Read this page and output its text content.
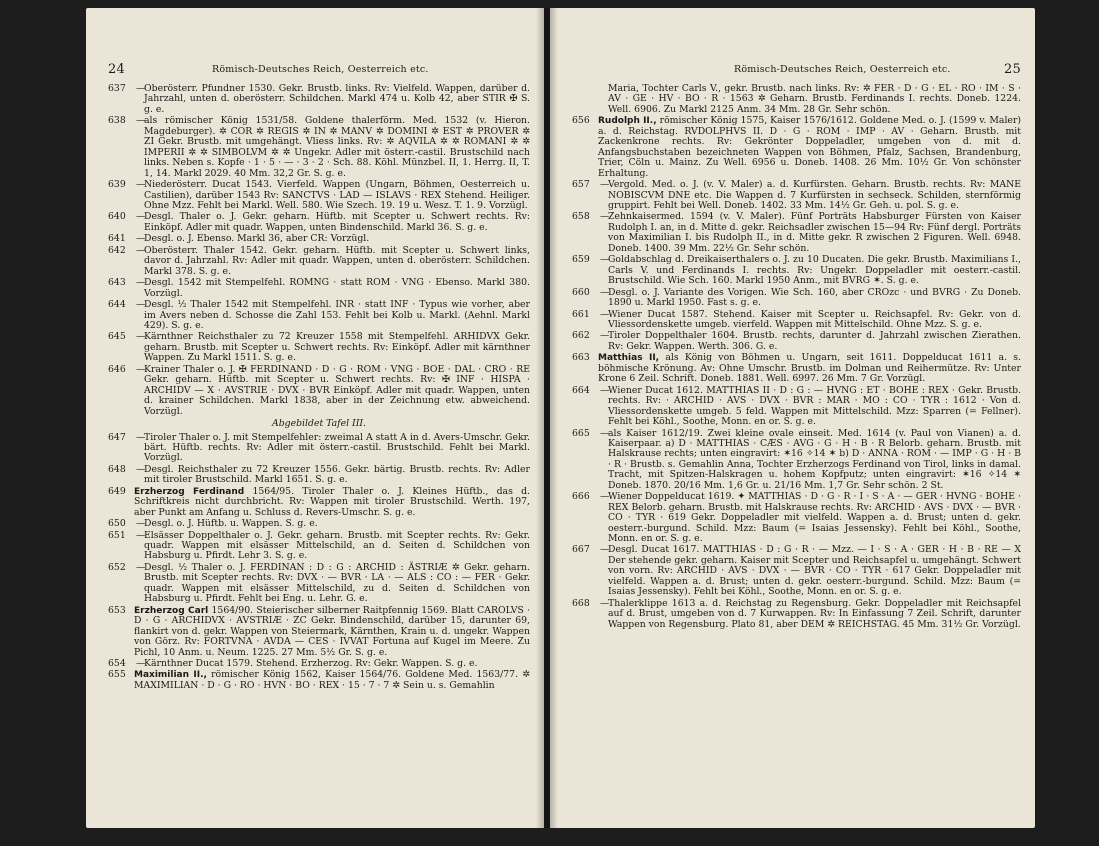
24	Römisch-Deutsches Reich, Oesterreich etc.
637	—
Oberösterr. Pfundner 1530. Gekr. Brustb. links. Rv: Vielfeld. Wappen, darüber d. Jahrzahl, unten d. oberösterr. Schildchen. Markl 474 u. Kolb 42, aber STIR ✠ S. g. e.
638	—
als römischer König 1531/58. Goldene thalerförm. Med. 1532 (v. Hieron. Magdeburger). ✲ COR ✲ REGIS ✲ IN ✲ MANV ✲ DOMINI ✲ EST ✲ PROVER ✲ ZI Gekr. Brustb. mit umgehängt. Vliess links. Rv: ✲ AQVILA ✲ ✲ ROMANI ✲ ✲ IMPERII ✲ ✲ SIMBOLVM ✲ ✲ Ungekr. Adler mit österr.-castil. Brustschild nach links. Neben s. Kopfe · 1 · 5 · — · 3 · 2 · Sch. 88. Köhl. Münzbel. II, 1. Herrg. II, T. 1, 14. Markl 2029. 40 Mm. 32,2 Gr. S. g. e.
639	—
Niederösterr. Ducat 1543. Vierfeld. Wappen (Ungarn, Böhmen, Oesterreich u. Castilien), darüber 1543 Rv: SANCTVS · LAD — ISLAVS · REX Stehend. Heiliger. Ohne Mzz. Fehlt bei Markl. Well. 580. Wie Szech. 19. 19 u. Wesz. T. 1. 9. Vorzügl.
640	—
Desgl. Thaler o. J. Gekr. geharn. Hüftb. mit Scepter u. Schwert rechts. Rv: Einköpf. Adler mit quadr. Wappen, unten Bindenschild. Markl 36. S. g. e.
641	—
Desgl. o. J. Ebenso. Markl 36, aber CR: Vorzügl.
642	—
Oberösterr. Thaler 1542. Gekr. geharn. Hüftb. mit Scepter u. Schwert links, davor d. Jahrzahl. Rv: Adler mit quadr. Wappen, unten d. oberösterr. Schildchen. Markl 378. S. g. e.
643	—
Desgl. 1542 mit Stempelfehl. ROMNG · statt ROM · VNG · Ebenso. Markl 380. Vorzügl.
644	—
Desgl. ½ Thaler 1542 mit Stempelfehl. INR · statt INF · Typus wie vorher, aber im Avers neben d. Schosse die Zahl 153. Fehlt bei Kolb u. Markl. (Aehnl. Markl 429). S. g. e.
645	—
Kärnthner Reichsthaler zu 72 Kreuzer 1558 mit Stempelfehl. ARHIDVX Gekr. geharn. Brustb. mit Scepter u. Schwert rechts. Rv: Einköpf. Adler mit kärnthner Wappen. Zu Markl 1511. S. g. e.
646	—
Krainer Thaler o. J. ✠ FERDINAND · D · G · ROM · VNG · BOE · DAL · CRO · RE Gekr. geharn. Hüftb. mit Scepter u. Schwert rechts. Rv: ✠ INF · HISPA · ARCHIDV — X · AVSTRIE · DVX · BVR Einköpf. Adler mit quadr. Wappen, unten d. krainer Schildchen. Markl 1838, aber in der Zeichnung etw. abweichend. Vorzügl.
Abgebildet Tafel III.
647	—
Tiroler Thaler o. J. mit Stempelfehler: zweimal A statt A in d. Avers-Umschr. Gekr. bärt. Hüftb. rechts. Rv: Adler mit österr.-castil. Brustschild. Fehlt bei Markl. Vorzügl.
648	—
Desgl. Reichsthaler zu 72 Kreuzer 1556. Gekr. bärtig. Brustb. rechts. Rv: Adler mit tiroler Brustschild. Markl 1651. S. g. e.
649 Erzherzog Ferdinand 1564/95. Tiroler Thaler o. J. Kleines Hüftb., das d. Schriftkreis nicht durchbricht. Rv: Wappen mit tiroler Brustschild. Werth. 197, aber Punkt am Anfang u. Schluss d. Revers-Umschr. S. g. e.
650	—
Desgl. o. J. Hüftb. u. Wappen. S. g. e.
651	—
Elsässer Doppelthaler o. J. Gekr. geharn. Brustb. mit Scepter rechts. Rv: Gekr. quadr. Wappen mit elsässer Mittelschild, an d. Seiten d. Schildchen von Habsburg u. Pfirdt. Lehr 3. S. g. e.
652	—
Desgl. ½ Thaler o. J. FERDINAN : D : G : ARCHID : ÄSTRIÆ ✲ Gekr. geharn. Brustb. mit Scepter rechts. Rv: DVX · — BVR · LA · — ALS : CO : — FER · Gekr. quadr. Wappen mit elsässer Mittelschild, zu d. Seiten d. Schildchen von Habsburg u. Pfirdt. Fehlt bei Eng. u. Lehr. G. e.
653 Erzherzog Carl 1564/90. Steierischer silberner Raitpfennig 1569. Blatt CAROLVS · D · G · ARCHIDVX · AVSTRIÆ · ZC Gekr. Bindenschild, darüber 15, darunter 69, flankirt von d. gekr. Wappen von Steiermark, Kärnthen, Krain u. d. ungekr. Wappen von Görz. Rv: FORTVNA · AVDA — CES · IVVAT Fortuna auf Kugel im Meere. Zu Pichl, 10 Anm. u. Neum. 1225. 27 Mm. 5½ Gr. S. g. e.
654	—
Kärnthner Ducat 1579. Stehend. Erzherzog. Rv: Gekr. Wappen. S. g. e.
655 Maximilian II., römischer König 1562, Kaiser 1564/76. Goldene Med. 1563/77. ✲ MAXIMILIAN · D · G · RO · HVN · BO · REX · 15 · 7 · 7 ✲ Sein u. s. Gemahlin
Römisch-Deutsches Reich, Oesterreich etc.	25
Maria, Tochter Carls V., gekr. Brustb. nach links. Rv: ✲ FER · D · G · EL · RO · IM · S · AV · GE · HV · BO · R · 1563 ✲ Geharn. Brustb. Ferdinands I. rechts. Doneb. 1224. Well. 6906. Zu Markl 2125 Anm. 34 Mm. 28 Gr. Sehr schön.
656 Rudolph II., römischer König 1575, Kaiser 1576/1612. Goldene Med. o. J. (1599 v. Maler) a. d. Reichstag. RVDOLPHVS II. D · G · ROM · IMP · AV · Geharn. Brustb. mit Zackenkrone rechts. Rv: Gekrönter Doppeladler, umgeben von d. mit d. Anfangsbuchstaben bezeichneten Wappen von Böhmen, Pfalz, Sachsen, Brandenburg, Trier, Cöln u. Mainz. Zu Well. 6956 u. Doneb. 1408. 26 Mm. 10½ Gr. Von schönster Erhaltung.
657	—
Vergold. Med. o. J. (v. V. Maler) a. d. Kurfürsten. Geharn. Brustb. rechts. Rv: MANE NOBISCVM DNE etc. Die Wappen d. 7 Kurfürsten in sechseck. Schilden, sternförmig gruppirt. Fehlt bei Well. Doneb. 1402. 33 Mm. 14½ Gr. Geh. u. pol. S. g. e.
658	—
Zehnkaisermed. 1594 (v. V. Maler). Fünf Porträts Habsburger Fürsten von Kaiser Rudolph I. an, in d. Mitte d. gekr. Reichsadler zwischen 15—94 Rv: Fünf dergl. Porträts von Maximilian I. bis Rudolph II., in d. Mitte gekr. R zwischen 2 Figuren. Well. 6948. Doneb. 1400. 39 Mm. 22½ Gr. Sehr schön.
659	—
Goldabschlag d. Dreikaiserthalers o. J. zu 10 Ducaten. Die gekr. Brustb. Maximilians I., Carls V. und Ferdinands I. rechts. Rv: Ungekr. Doppeladler mit oesterr.-castil. Brustschild. Wie Sch. 160. Markl 1950 Anm., mit BVRG ✶. S. g. e.
660	—
Desgl. o. J. Variante des Vorigen. Wie Sch. 160, aber CROzc · und BVRG · Zu Doneb. 1890 u. Markl 1950. Fast s. g. e.
661	—
Wiener Ducat 1587. Stehend. Kaiser mit Scepter u. Reichsapfel. Rv: Gekr. von d. Vliessordenskette umgeb. vierfeld. Wappen mit Mittelschild. Ohne Mzz. S. g. e.
662	—
Tiroler Doppelthaler 1604. Brustb. rechts, darunter d. Jahrzahl zwischen Zierathen. Rv: Gekr. Wappen. Werth. 306. G. e.
663 Matthias II, als König von Böhmen u. Ungarn, seit 1611. Doppelducat 1611 a. s. böhmische Krönung. Av: Ohne Umschr. Brustb. im Dolman und Reihermütze. Rv: Unter Krone 6 Zeil. Schrift. Doneb. 1881. Well. 6997. 26 Mm. 7 Gr. Vorzügl.
664	—
Wiener Ducat 1612. MATTHIAS II · D : G : — HVNG : ET · BOHE : REX · Gekr. Brustb. rechts. Rv: · ARCHID · AVS · DVX · BVR : MAR · MO : CO · TYR : 1612 · Von d. Vliessordenskette umgeb. 5 feld. Wappen mit Mittelschild. Mzz: Sparren (= Fellner). Fehlt bei Köhl., Soothe, Monn. en or. S. g. e.
665	—
als Kaiser 1612/19. Zwei kleine ovale einseit. Med. 1614 (v. Paul von Vianen) a. d. Kaiserpaar. a) D · MATTHIAS · CÆS · AVG · G · H · B · R Belorb. geharn. Brustb. mit Halskrause rechts; unten eingravirt: ✶16 ✧14 ✶ b) D · ANNA · ROM · — IMP · G · H · B · R · Brustb. s. Gemahlin Anna, Tochter Erzherzogs Ferdinand von Tirol, links in damal. Tracht, mit Spitzen-Halskragen u. hohem Kopfputz; unten eingravirt: ✶16 ✧14 ✶ Doneb. 1870. 20/16 Mm. 1,6 Gr. u. 21/16 Mm. 1,7 Gr. Sehr schön. 2 St.
666	—
Wiener Doppelducat 1619. ✦ MATTHIAS · D · G · R · I · S · A · — GER · HVNG · BOHE · REX Belorb. geharn. Brustb. mit Halskrause rechts. Rv: ARCHID · AVS · DVX · — BVR · CO · TYR · 619 Gekr. Doppeladler mit vielfeld. Wappen a. d. Brust; unten d. gekr. oesterr.-burgund. Schild. Mzz: Baum (= Isaias Jessensky). Fehlt bei Köhl., Soothe, Monn. en or. S. g. e.
667	—
Desgl. Ducat 1617. MATTHIAS · D : G · R · — Mzz. — I · S · A · GER · H · B · RE — X Der stehende gekr. geharn. Kaiser mit Scepter und Reichsapfel u. umgehängt. Schwert von vorn. Rv: ARCHID · AVS · DVX · — BVR · CO · TYR · 617 Gekr. Doppeladler mit vielfeld. Wappen a. d. Brust; unten d. gekr. oesterr.-burgund. Schild. Mzz: Baum (= Isaias Jessensky). Fehlt bei Köhl., Soothe, Monn. en or. S. g. e.
668	—
Thalerklippe 1613 a. d. Reichstag zu Regensburg. Gekr. Doppeladler mit Reichsapfel auf d. Brust, umgeben von d. 7 Kurwappen. Rv: In Einfassung 7 Zeil. Schrift, darunter Wappen von Regensburg. Plato 81, aber DEM ✲ REICHSTAG. 45 Mm. 31½ Gr. Vorzügl.
